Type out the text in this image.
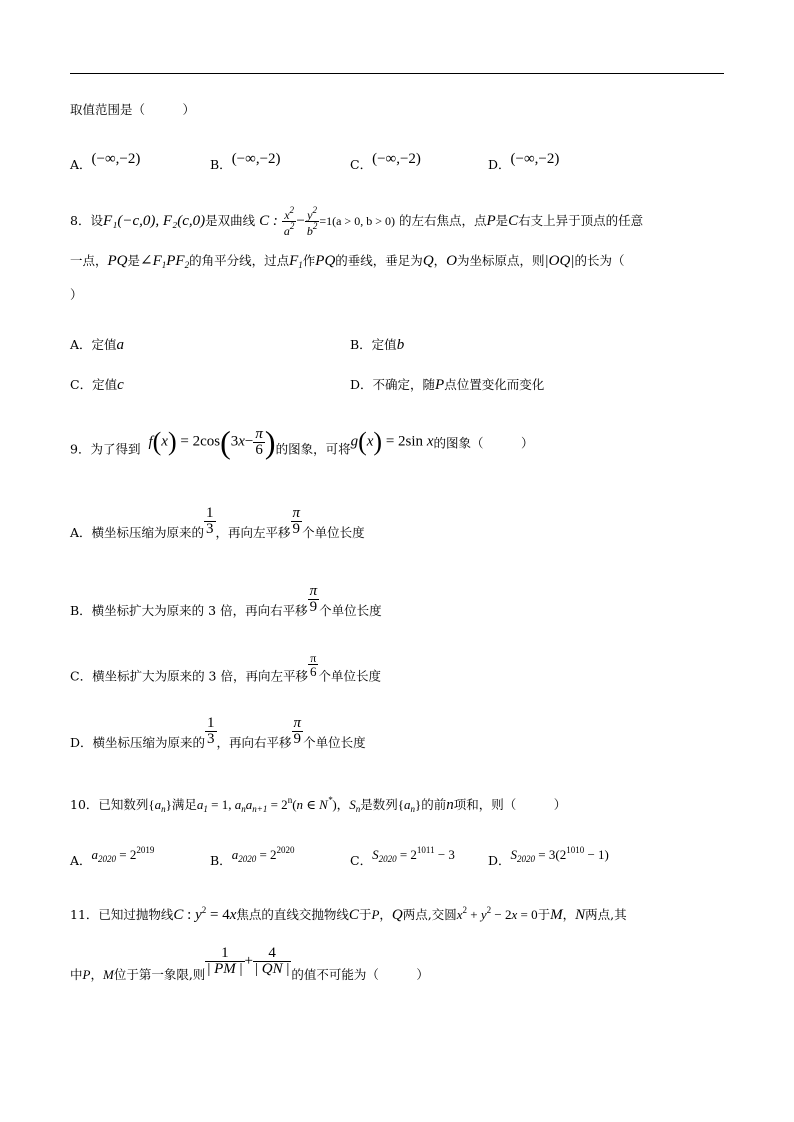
取值范围是（　　　）
A．(−∞,−2)	B．(−∞,−2)	C．(−∞,−2)	D．(−∞,−2)
8．设F₁(−c,0), F₂(c,0)是双曲线 C : $\frac{x^2}{a^2} - \frac{y^2}{b^2} =1(a > 0$, b > 0) 的左右焦点，点P是C右支上异于顶点的任意
一点，PQ是$\angle F_1PF_2$的角平分线，过点$F_1$作PQ的垂线，垂足为Q，O为坐标原点，则|OQ|的长为（
）
A．定值a	B．定值b
C．定值c	D．不确定，随P点位置变化而变化
9．为了得到 $f(x) = 2\cos(3x- \frac{\pi}{6}$ )的图象，可将g(x) = 2sin x的图象（　　　）
A．横坐标压缩为原来的 $\frac{1}{3}$ ，再向左平移 $\frac{\pi}{9}$ 个单位长度
B．横坐标扩大为原来的 3 倍，再向右平移 $\frac{\pi}{9}$ 个单位长度
C．横坐标扩大为原来的 3 倍，再向左平移 $\frac{\pi}{6}$ 个单位长度
D．横坐标压缩为原来的 $\frac{1}{3}$ ，再向右平移 $\frac{\pi}{9}$ 个单位长度
10．已知数列$\{a_n\}$满足$a_1 = 1$, $a_na_{n+1} = 2^n(n$ ∈ N*)，$S_n$是数列$\{a_n\}$的前n项和，则（　　　）
A．$a_{2020} = 2^{2019}$
B．$a_{2020} = 2^{2020}$
C．$S_{2020} = 2^{1011} - 3$	D．$S_{2020} = 3(2^{1010} - 1)$
11．已知过抛物线C : $y^2 = 4x$焦点的直线交抛物线C于P，Q两点,交圆$x^2 + y^2 - 2x = 0$于M，N两点,其
中P，M位于第一象限,则 $\frac{1}{| PM |} + \frac{4}{| QN |}$ 的值不可能为（　　　）
